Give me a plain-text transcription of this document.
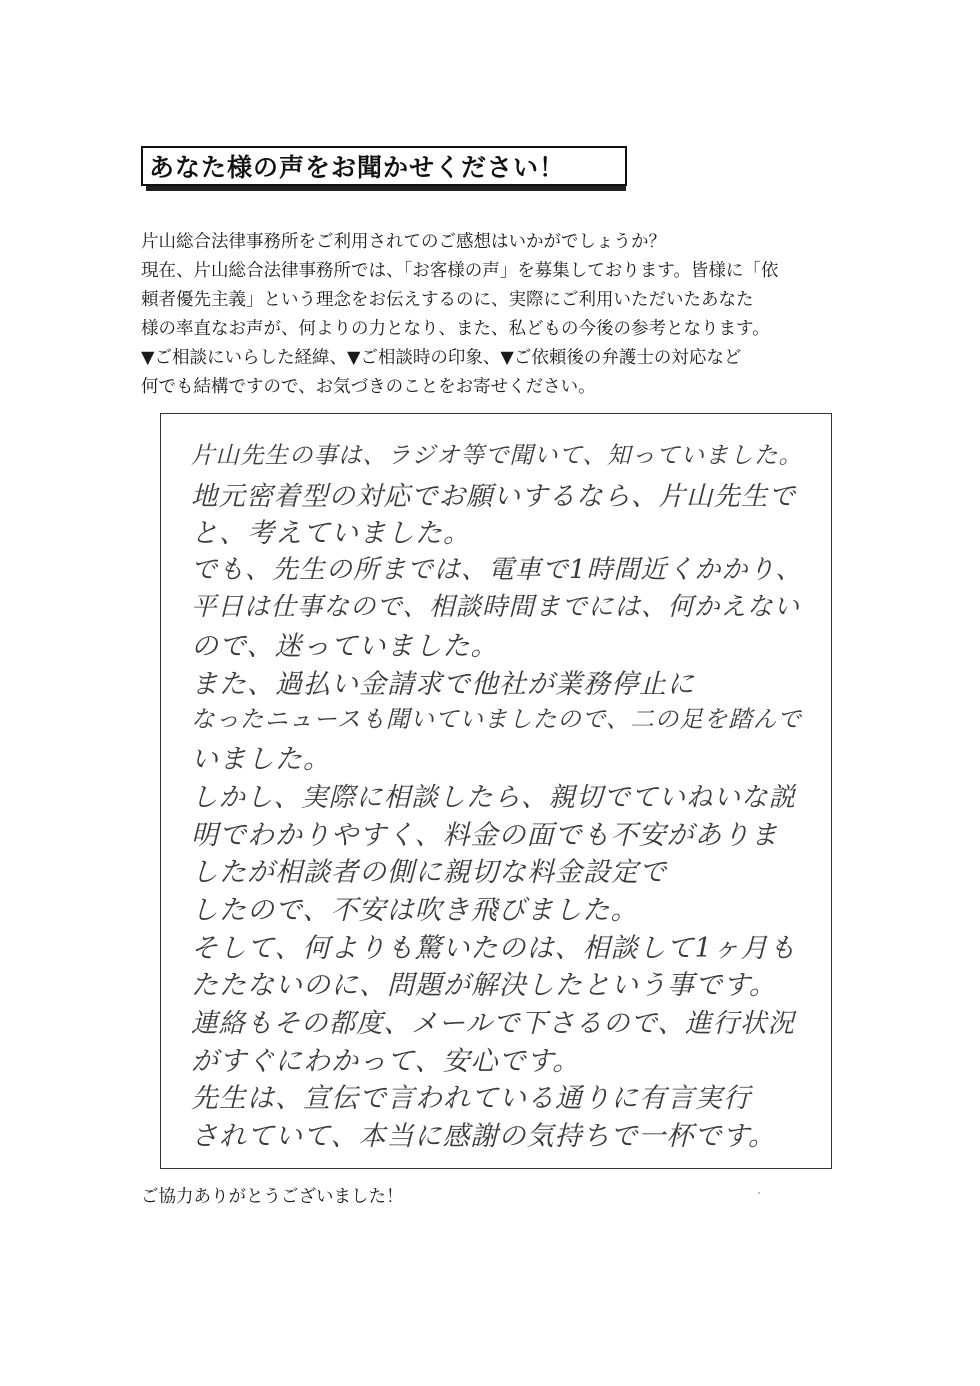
あなた様の声をお聞かせください！
片山総合法律事務所をご利用されてのご感想はいかがでしょうか？
現在、片山総合法律事務所では、「お客様の声」を募集しております。皆様に「依
頼者優先主義」という理念をお伝えするのに、実際にご利用いただいたあなた
様の率直なお声が、何よりの力となり、また、私どもの今後の参考となります。
▼ご相談にいらした経緯、▼ご相談時の印象、▼ご依頼後の弁護士の対応など
何でも結構ですので、お気づきのことをお寄せください。
片山先生の事は、ラジオ等で聞いて、知っていました。
地元密着型の対応でお願いするなら、片山先生で
と、考えていました。
でも、先生の所までは、電車で1時間近くかかり、
平日は仕事なので、相談時間までには、何かえない
ので、迷っていました。
また、過払い金請求で他社が業務停止に
なったニュースも聞いていましたので、二の足を踏んで
いました。
しかし、実際に相談したら、親切でていねいな説
明でわかりやすく、料金の面でも不安がありま
したが相談者の側に親切な料金設定で
したので、不安は吹き飛びました。
そして、何よりも驚いたのは、相談して1ヶ月も
たたないのに、問題が解決したという事です。
連絡もその都度、メールで下さるので、進行状況
がすぐにわかって、安心です。
先生は、宣伝で言われている通りに有言実行
されていて、本当に感謝の気持ちで一杯です。
ご協力ありがとうございました！
